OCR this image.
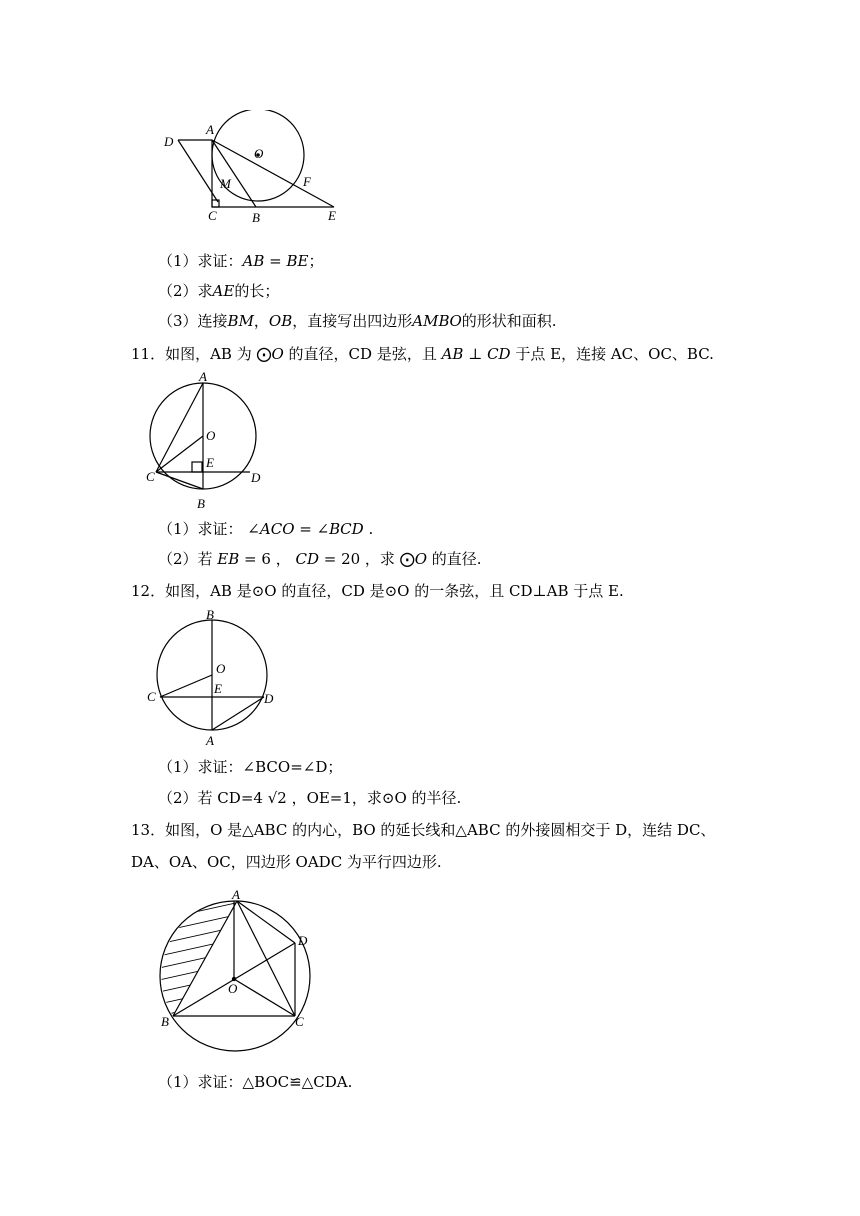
D
A
O
M	F
C	B	E
（1）求证：𝐴𝐵 = 𝐵𝐸；
（2）求𝐴𝐸的长；
（3）连接𝐵𝑀，𝑂𝐵，直接写出四边形𝐴𝑀𝐵𝑂的形状和面积.
11．如图，AB 为 ⨀𝑂 的直径，CD 是弦，且 𝐴𝐵 ⊥ 𝐶𝐷 于点 E，连接 AC、OC、BC.
A
O
E
C	D
B
（1）求证： ∠𝐴𝐶𝑂 = ∠𝐵𝐶𝐷 .
（2）若 𝐸𝐵 = 6 ， 𝐶𝐷 = 20 ，求 ⨀𝑂 的直径.
12．如图，AB 是⊙O 的直径，CD 是⊙O 的一条弦，且 CD⊥AB 于点 E.
B
O
E
C	D
A
（1）求证：∠BCO=∠D；
（2）若 CD=4 √2 ，OE=1，求⊙O 的半径.
13．如图，O 是△ABC 的内心，BO 的延长线和△ABC 的外接圆相交于 D，连结 DC、
DA、OA、OC，四边形 OADC 为平行四边形.
A
D
O
B	C
（1）求证：△BOC≌△CDA.
